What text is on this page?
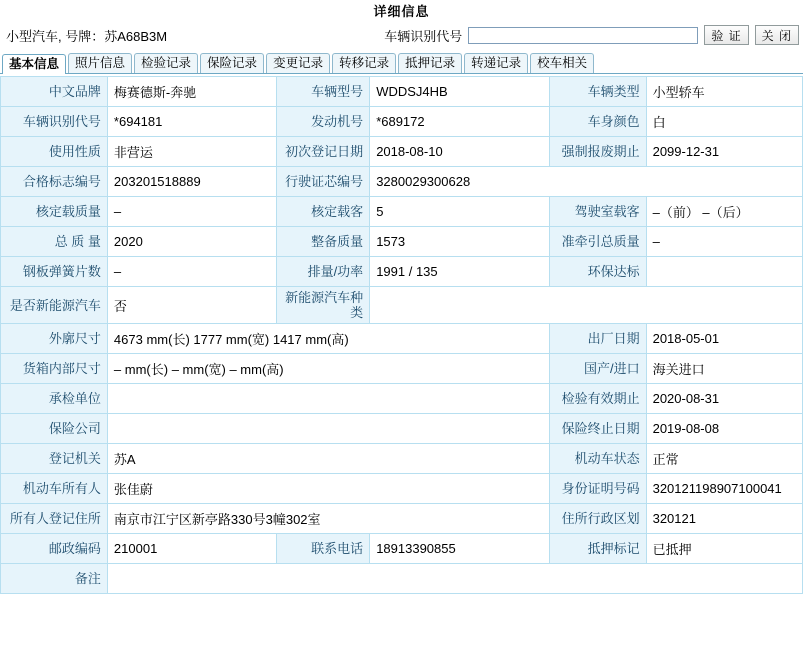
详细信息
小型汽车, 号牌：苏A68B3M	车辆识别代号	验 证	关 闭
基本信息	照片信息	检验记录	保险记录	变更记录	转移记录	抵押记录	转递记录	校车相关
中文品牌	梅赛德斯-奔驰	车辆型号	WDDSJ4HB	车辆类型	小型轿车
车辆识别代号	*694181	发动机号	*689172	车身颜色	白
使用性质	非营运	初次登记日期	2018-08-10	强制报废期止	2099-12-31
合格标志编号	203201518889	行驶证芯编号	3280029300628		
核定载质量	–	核定载客	5	驾驶室载客	–（前） –（后）
总 质 量	2020	整备质量	1573	准牵引总质量	–
钢板弹簧片数	–	排量/功率	1991 / 135	环保达标	
是否新能源汽车	否	新能源汽车种类			
外廓尺寸	4673 mm(长) 1777 mm(宽) 1417 mm(高)			出厂日期	2018-05-01
货箱内部尺寸	– mm(长) – mm(宽) – mm(高)			国产/进口	海关进口
承检单位				检验有效期止	2020-08-31
保险公司				保险终止日期	2019-08-08
登记机关	苏A			机动车状态	正常
机动车所有人	张佳蔚			身份证明号码	320121198907100041
所有人登记住所	南京市江宁区新亭路330号3幢302室			住所行政区划	320121
邮政编码	210001	联系电话	18913390855	抵押标记	已抵押
备注					
